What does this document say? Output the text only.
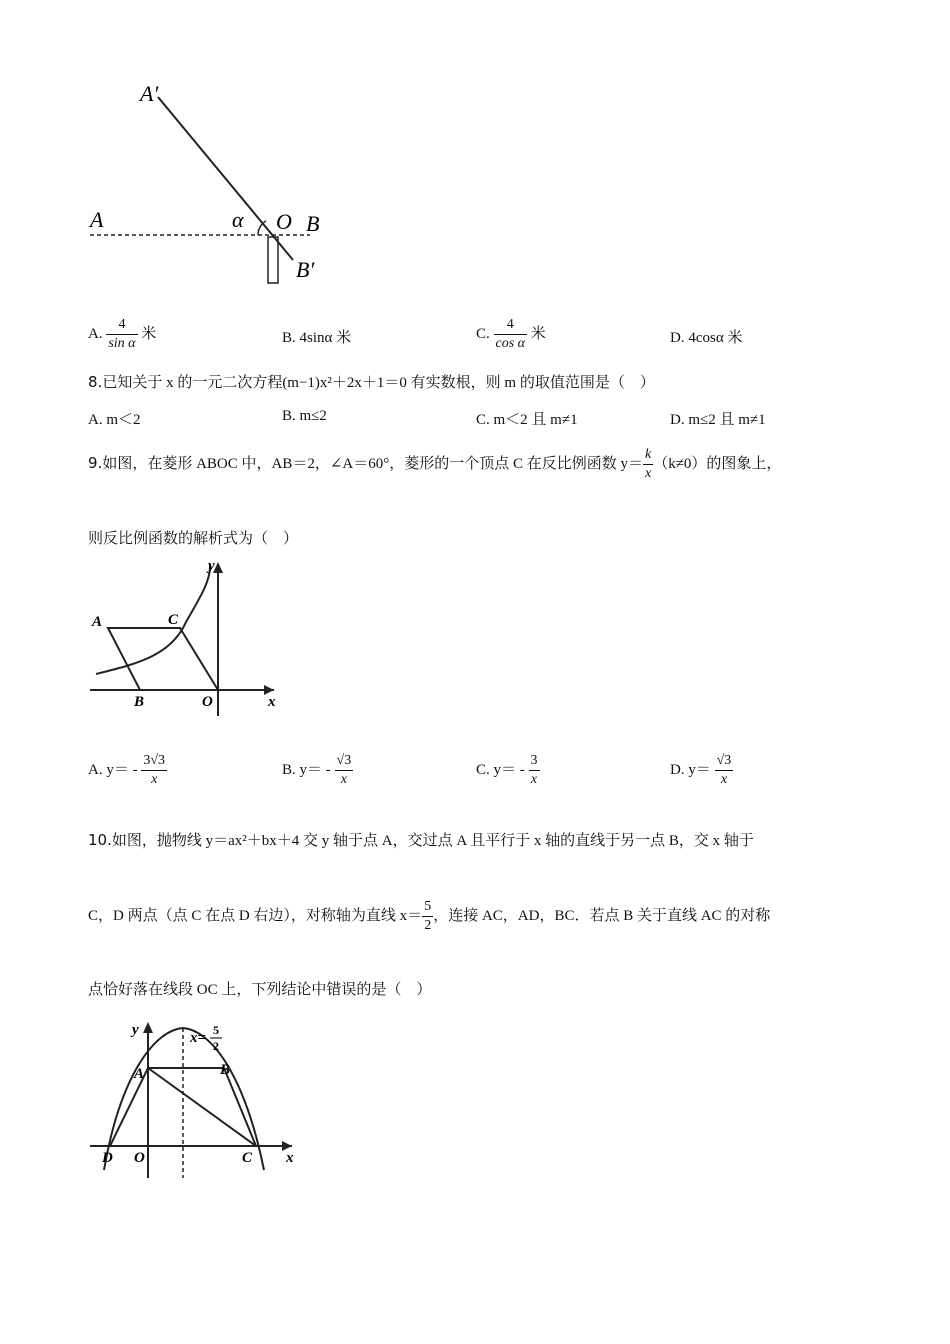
A′
A	α O B
B′
A. $\frac{4}{\text{sin α}}$ 米	B. 4sinα 米	C. $\frac{4}{\text{cos α}}$ 米	D. 4cosα 米
8.已知关于 x 的一元二次方程(m−1)x²＋2x＋1＝0 有实数根，则 m 的取值范围是（　）
A. m＜2	B. m≤2	C. m＜2 且 m≠1	D. m≤2 且 m≠1
9.如图，在菱形 ABOC 中，AB＝2，∠A＝60°，菱形的一个顶点 C 在反比例函数 $y= \frac{k}{x} (k\ne 0)$的图象上，
则反比例函数的解析式为（　）
y
A	C
B	O	x
A. $y= - \frac{3√3}{x}$	B. $y= - \frac{√3}{x}$	C. $y= - \frac{3}{x}$	D. $y= \frac{√3}{x}$
10.如图，抛物线 y＝ax²＋bx＋4 交 y 轴于点 A，交过点 A 且平行于 x 轴的直线于另一点 B，交 x 轴于
C，D 两点（点 C 在点 D 右边），对称轴为直线 $x= \frac{5}{2}$ ，连接 AC，AD，BC．若点 B 关于直线 AC 的对称
点恰好落在线段 OC 上，下列结论中错误的是（　）
y	x= 5
2
A	B
D O	C x
